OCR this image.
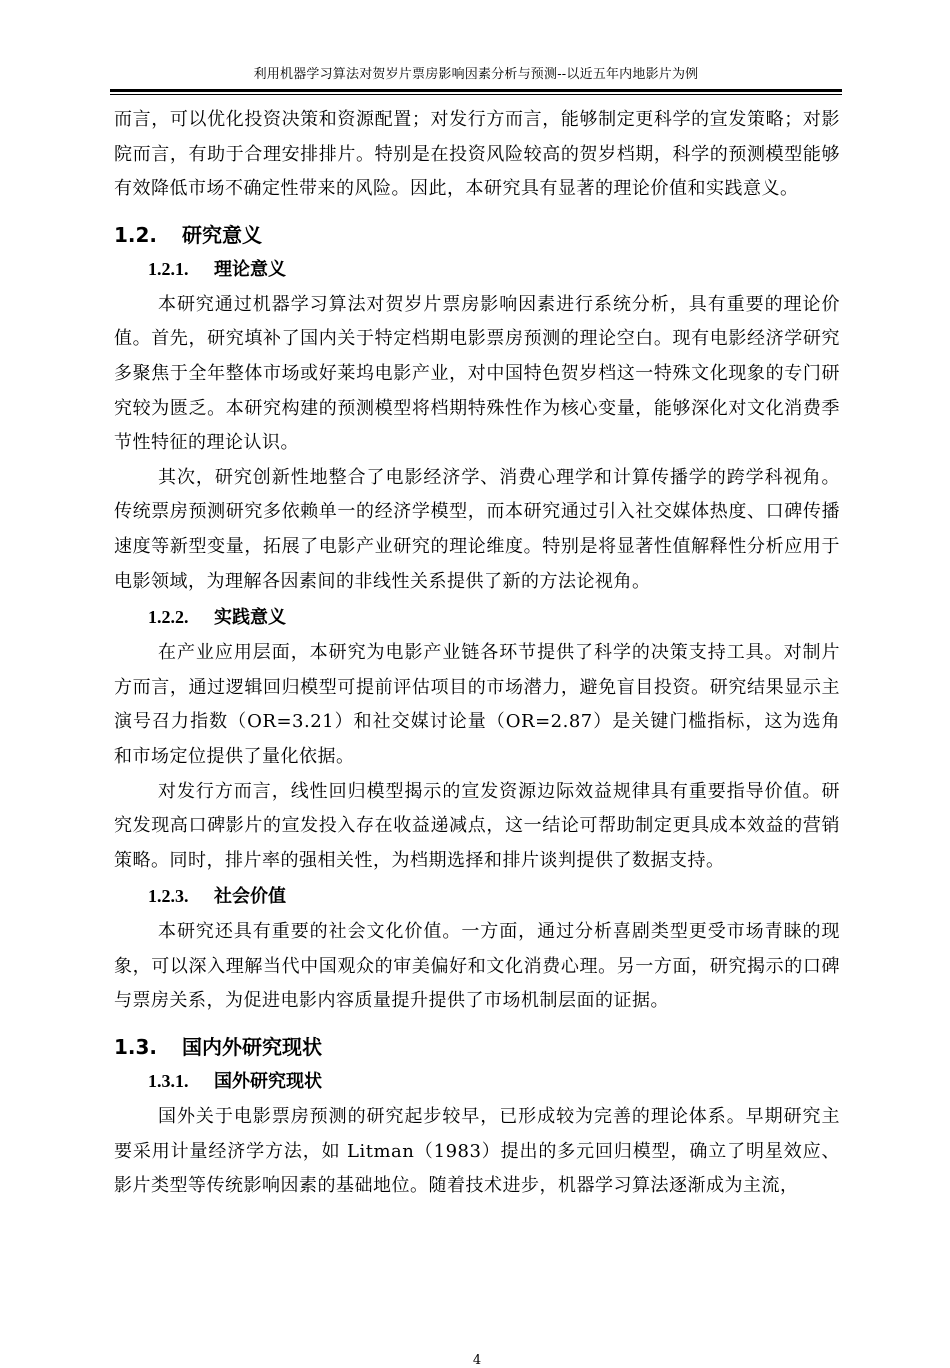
利用机器学习算法对贺岁片票房影响因素分析与预测--以近五年内地影片为例

而言，可以优化投资决策和资源配置；对发行方而言，能够制定更科学的宣发策略；对影院而言，有助于合理安排排片。特别是在投资风险较高的贺岁档期，科学的预测模型能够有效降低市场不确定性带来的风险。因此，本研究具有显著的理论价值和实践意义。

1.2. 研究意义
1.2.1. 理论意义

本研究通过机器学习算法对贺岁片票房影响因素进行系统分析，具有重要的理论价值。首先，研究填补了国内关于特定档期电影票房预测的理论空白。现有电影经济学研究多聚焦于全年整体市场或好莱坞电影产业，对中国特色贺岁档这一特殊文化现象的专门研究较为匮乏。本研究构建的预测模型将档期特殊性作为核心变量，能够深化对文化消费季节性特征的理论认识。

其次，研究创新性地整合了电影经济学、消费心理学和计算传播学的跨学科视角。传统票房预测研究多依赖单一的经济学模型，而本研究通过引入社交媒体热度、口碑传播速度等新型变量，拓展了电影产业研究的理论维度。特别是将显著性值解释性分析应用于电影领域，为理解各因素间的非线性关系提供了新的方法论视角。

1.2.2. 实践意义

在产业应用层面，本研究为电影产业链各环节提供了科学的决策支持工具。对制片方而言，通过逻辑回归模型可提前评估项目的市场潜力，避免盲目投资。研究结果显示主演号召力指数（OR=3.21）和社交媒讨论量（OR=2.87）是关键门槛指标，这为选角和市场定位提供了量化依据。

对发行方而言，线性回归模型揭示的宣发资源边际效益规律具有重要指导价值。研究发现高口碑影片的宣发投入存在收益递减点，这一结论可帮助制定更具成本效益的营销策略。同时，排片率的强相关性，为档期选择和排片谈判提供了数据支持。

1.2.3. 社会价值

本研究还具有重要的社会文化价值。一方面，通过分析喜剧类型更受市场青睐的现象，可以深入理解当代中国观众的审美偏好和文化消费心理。另一方面，研究揭示的口碑与票房关系，为促进电影内容质量提升提供了市场机制层面的证据。

1.3. 国内外研究现状
1.3.1. 国外研究现状

国外关于电影票房预测的研究起步较早，已形成较为完善的理论体系。早期研究主要采用计量经济学方法，如 Litman（1983）提出的多元回归模型，确立了明星效应、影片类型等传统影响因素的基础地位。随着技术进步，机器学习算法逐渐成为主流，

4
